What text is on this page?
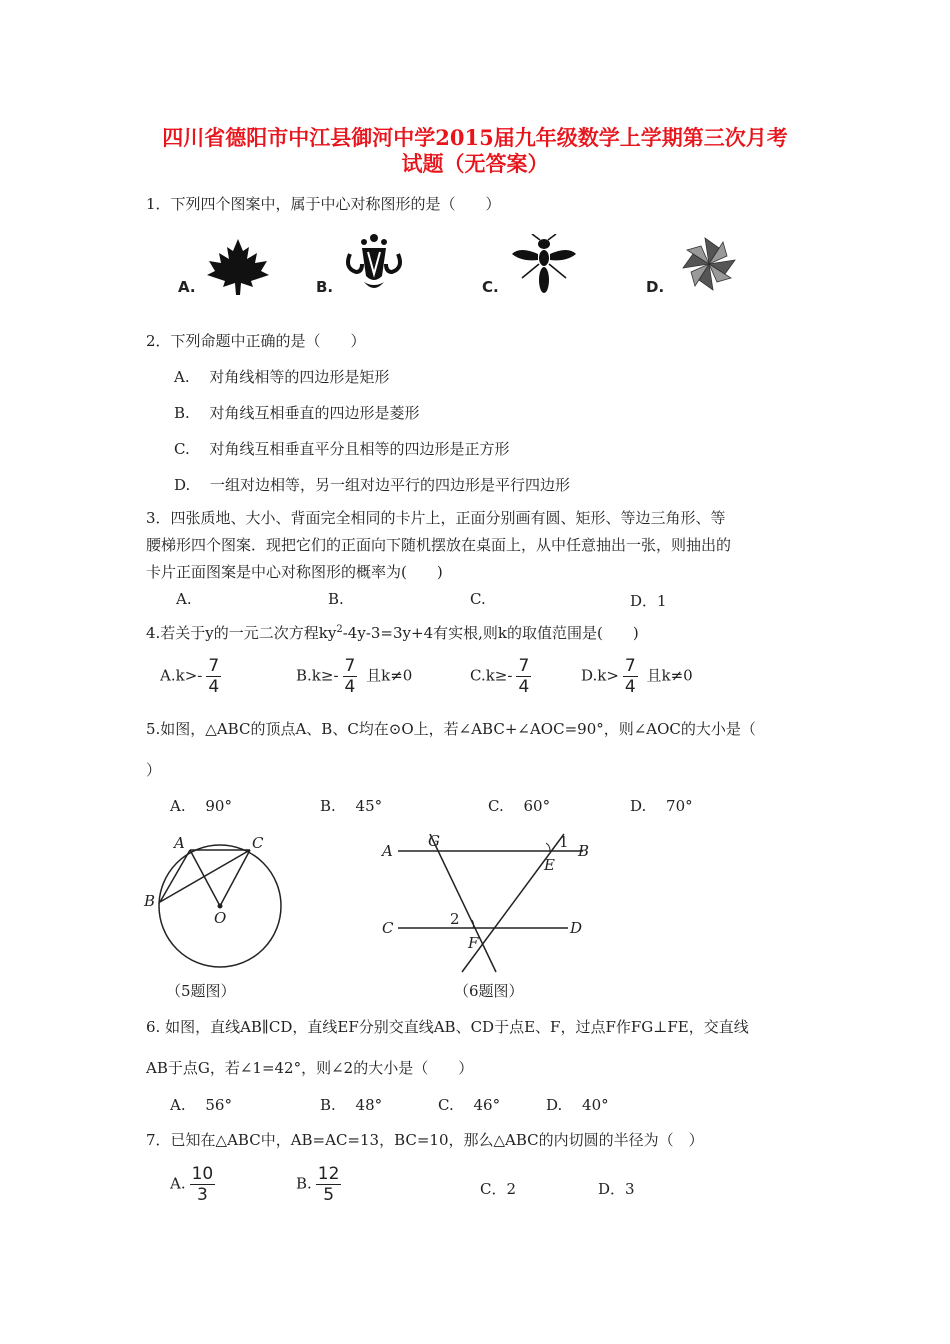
四川省德阳市中江县御河中学2015届九年级数学上学期第三次月考
试题（无答案）
1．下列四个图案中，属于中心对称图形的是（　　）
A.	B.	C.	D.
2．下列命题中正确的是（　　）
A.　 对角线相等的四边形是矩形
B.　 对角线互相垂直的四边形是菱形
C.　 对角线互相垂直平分且相等的四边形是正方形
D.　 一组对边相等，另一组对边平行的四边形是平行四边形
3．四张质地、大小、背面完全相同的卡片上，正面分别画有圆、矩形、等边三角形、等
腰梯形四个图案．现把它们的正面向下随机摆放在桌面上，从中任意抽出一张，则抽出的
卡片正面图案是中心对称图形的概率为(　　)
A.	B.	C.	D．1
4.若关于y的一元二次方程$ky^2-4y-3=3y+4$有实根,则k的取值范围是(　　)
$A.k>- \frac{7}{4}$	$B.k\ge- \frac{7}{4}$ 且k≠0	$C.k\ge- \frac{7}{4}$	$D.k> \frac{7}{4}$ 且k≠0
5.如图，△ABC的顶点A、B、C均在⊙O上，若∠ABC+∠AOC=90°，则∠AOC的大小是（
）
A.　 90°	B.　 45°	C.　 60°	D.　 70°
A	C
B
O
A	B
G
E
1
C	D
2
F
（5题图）	（6题图）
6. 如图，直线AB∥CD，直线EF分别交直线AB、CD于点E、F，过点F作FG⊥FE，交直线
AB于点G，若∠1=42°，则∠2的大小是（　　）
A.　 56°	B.　 48°	C.　 46°	D.　 40°
7．已知在△ABC中，AB=AC=13，BC=10，那么△ABC的内切圆的半径为（　）
A. $\frac{10}{3}$	B. $\frac{12}{5}$	C．2	D．3
